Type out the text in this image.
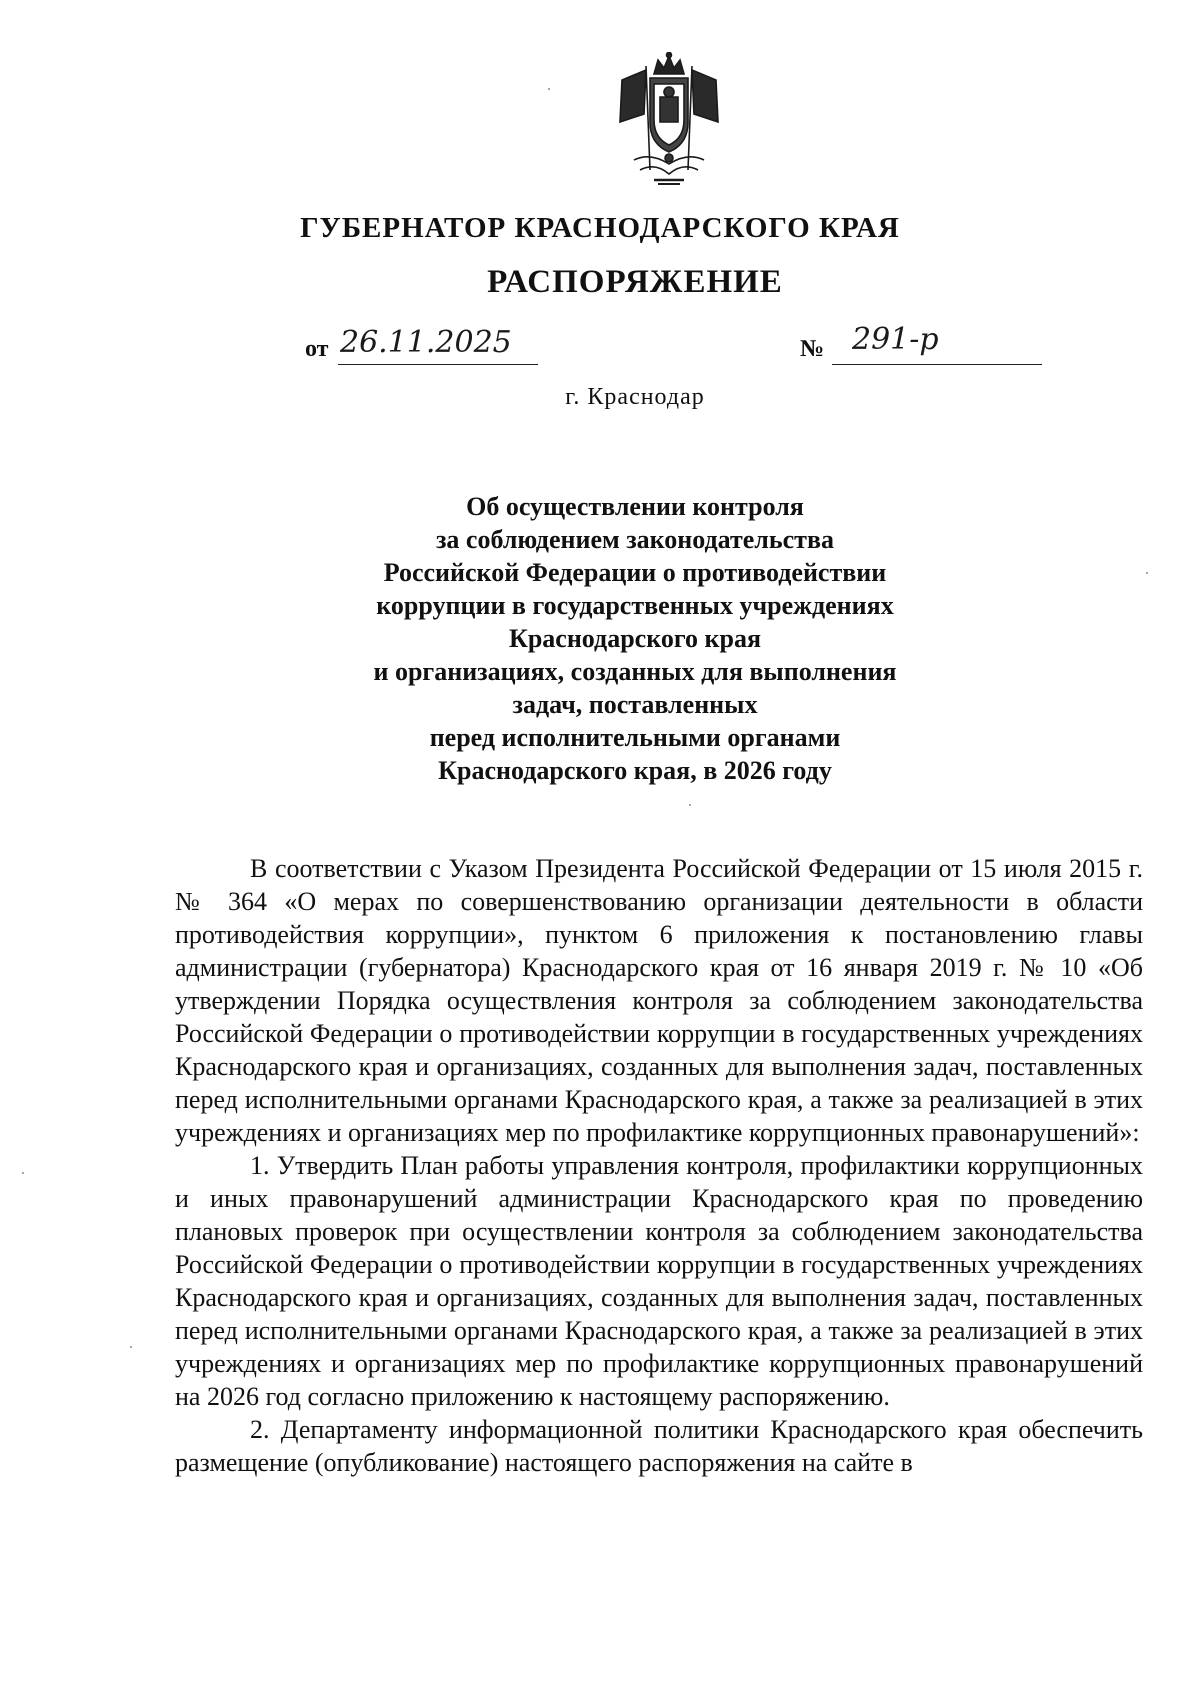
ГУБЕРНАТОР КРАСНОДАРСКОГО КРАЯ
РАСПОРЯЖЕНИЕ
от 26.11.2025	№ 291-р
г. Краснодар
Об осуществлении контроля
за соблюдением законодательства
Российской Федерации о противодействии
коррупции в государственных учреждениях
Краснодарского края
и организациях, созданных для выполнения
задач, поставленных
перед исполнительными органами
Краснодарского края, в 2026 году

В соответствии с Указом Президента Российской Федерации от 15 июля 2015 г. № 364 «О мерах по совершенствованию организации деятельности в области противодействия коррупции», пунктом 6 приложения к постановлению главы администрации (губернатора) Краснодарского края от 16 января 2019 г. № 10 «Об утверждении Порядка осуществления контроля за соблюдением законодательства Российской Федерации о противодействии коррупции в государственных учреждениях Краснодарского края и организациях, созданных для выполнения задач, поставленных перед исполнительными органами Краснодарского края, а также за реализацией в этих учреждениях и организациях мер по профилактике коррупционных правонарушений»:

1. Утвердить План работы управления контроля, профилактики коррупционных и иных правонарушений администрации Краснодарского края по проведению плановых проверок при осуществлении контроля за соблюдением законодательства Российской Федерации о противодействии коррупции в государственных учреждениях Краснодарского края и организациях, созданных для выполнения задач, поставленных перед исполнительными органами Краснодарского края, а также за реализацией в этих учреждениях и организациях мер по профилактике коррупционных правонарушений на 2026 год согласно приложению к настоящему распоряжению.

2. Департаменту информационной политики Краснодарского края обеспечить размещение (опубликование) настоящего распоряжения на сайте в
